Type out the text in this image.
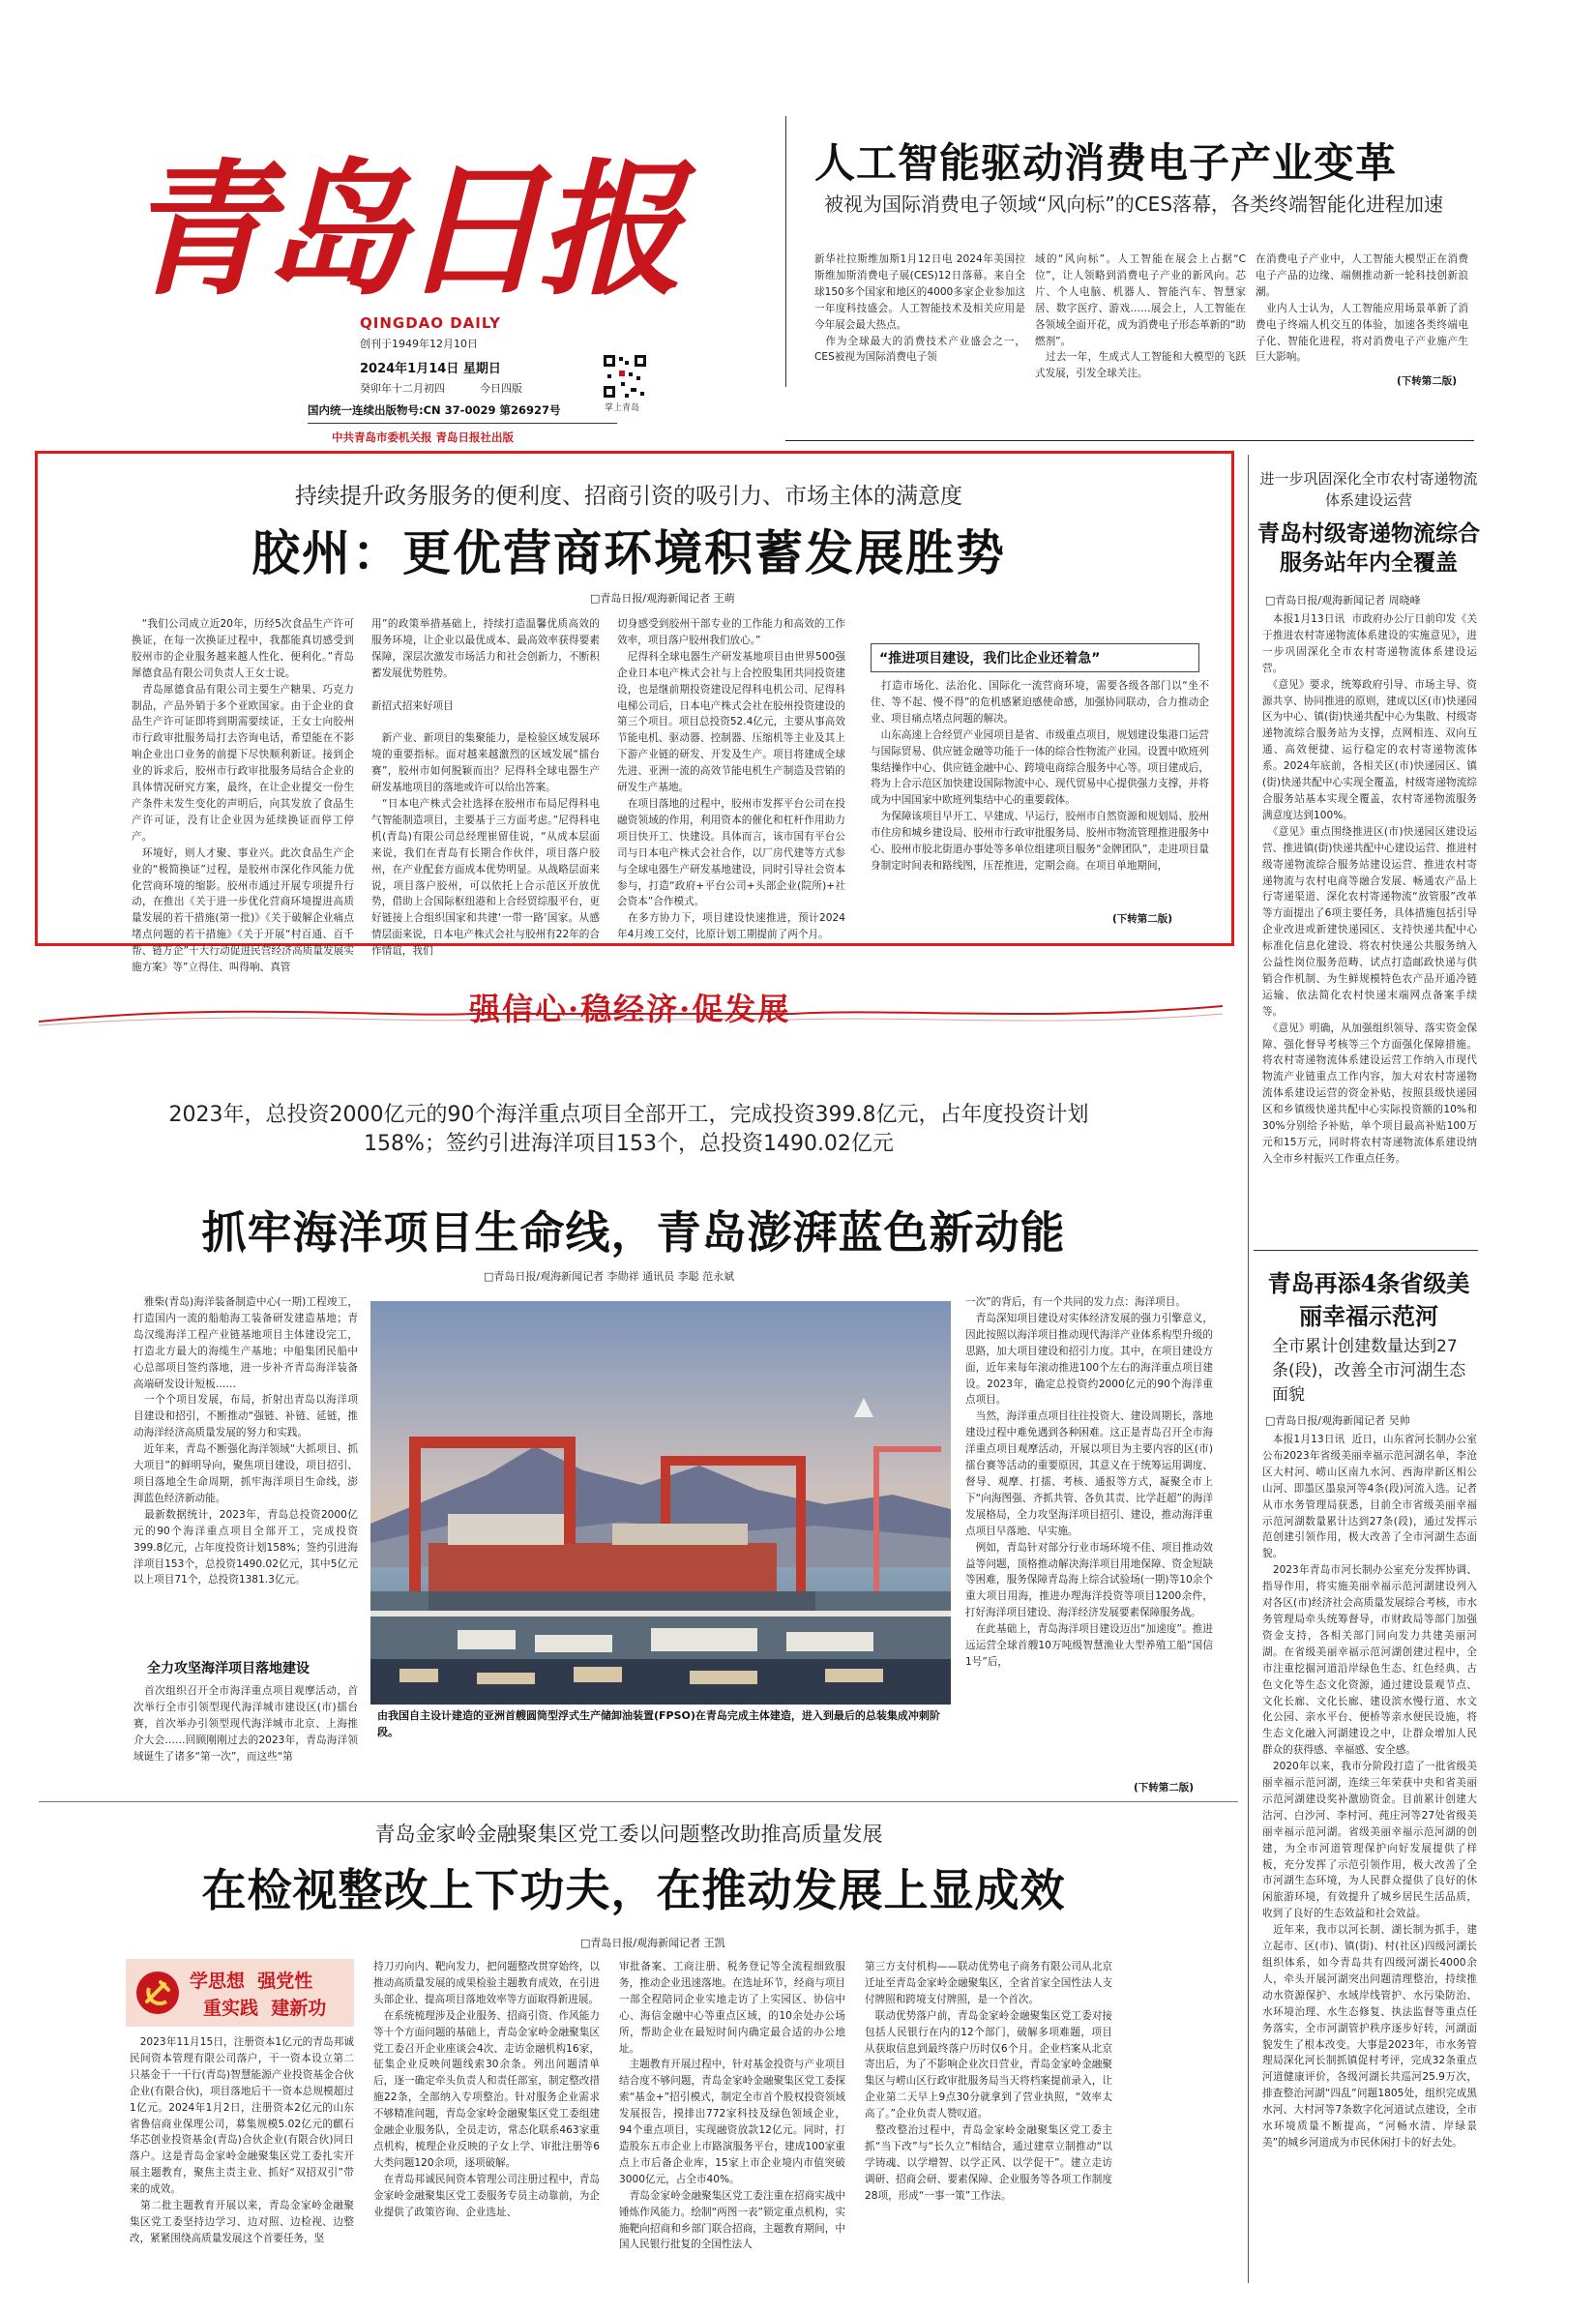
青岛日报
QINGDAO DAILY
创刊于1949年12月10日
2024年1月14日 星期日
癸卯年十二月初四	今日四版
国内统一连续出版物号:CN 37-0029 第26927号
中共青岛市委机关报 青岛日报社出版
掌上青岛
人工智能驱动消费电子产业变革
被视为国际消费电子领域“风向标”的CES落幕，各类终端智能化进程加速
新华社拉斯维加斯1月12日电 2024年美国拉斯维加斯消费电子展(CES)12日落幕。来自全球150多个国家和地区的4000多家企业参加这一年度科技盛会。人工智能技术及相关应用是今年展会最大热点。
　作为全球最大的消费技术产业盛会之一，CES被视为国际消费电子领
域的“风向标”。人工智能在展会上占据“C位”，让人领略到消费电子产业的新风向。芯片、个人电脑、机器人、智能汽车、智慧家居、数字医疗、游戏……展会上，人工智能在各领域全面开花，成为消费电子形态革新的“助燃剂”。
　过去一年，生成式人工智能和大模型的飞跃式发展，引发全球关注。
在消费电子产业中，人工智能大模型正在消费电子产品的边缘、端侧推动新一轮科技创新浪潮。
　业内人士认为，人工智能应用场景革新了消费电子终端人机交互的体验，加速各类终端电子化、智能化进程，将对消费电子产业施产生巨大影响。
(下转第二版)
持续提升政务服务的便利度、招商引资的吸引力、市场主体的满意度
胶州：更优营商环境积蓄发展胜势
□青岛日报/观海新闻记者 王萌
　“我们公司成立近20年，历经5次食品生产许可换证，在每一次换证过程中，我都能真切感受到胶州市的企业服务越来越人性化、便利化。”青岛犀德食品有限公司负责人王女士说。
　青岛犀德食品有限公司主要生产糖果、巧克力制品，产品外销于多个亚欧国家。由于企业的食品生产许可证即将到期需要续证，王女士向胶州市行政审批服务局打去咨询电话，希望能在不影响企业出口业务的前提下尽快顺利新证。接到企业的诉求后，胶州市行政审批服务局结合企业的具体情况研究方案，最终，在让企业提交一份生产条件未发生变化的声明后，向其发放了食品生产许可证，没有让企业因为延续换证而停工停产。
　环境好，则人才聚、事业兴。此次食品生产企业的“极简换证”过程，是胶州市深化作风能力优化营商环境的缩影。胶州市通过开展专项提升行动，在推出《关于进一步优化营商环境提进高质量发展的若干措施(第一批)》《关于破解企业痛点堵点问题的若干措施》《关于开展“村百通、百千帮、链万企”十大行动促进民营经济高质量发展实施方案》等”立得住、叫得响、真管
用”的政策举措基础上，持续打造温馨优质高效的服务环境，让企业以最优成本、最高效率获得要素保障，深层次激发市场活力和社会创新力，不断积蓄发展优势胜势。

新招式招来好项目

　新产业、新项目的集聚能力，是检验区域发展环境的重要指标。面对越来越激烈的区域发展“擂台赛”，胶州市如何脱颖而出？尼得科全球电器生产研发基地项目的落地或许可以给出答案。
　“日本电产株式会社选择在胶州市布局尼得科电气智能制造项目，主要基于三方面考虑。”尼得科电机(青岛)有限公司总经理崔留佳说，“从成本层面来说，我们在青岛有长期合作伙伴，项目落户胶州，在产业配套方面成本优势明显。从战略层面来说，项目落户胶州，可以依托上合示范区开放优势，借助上合国际枢纽港和上合经贸综服平台，更好链接上合组织国家和共建‘一带一路’国家。从感情层面来说，日本电产株式会社与胶州有22年的合作情谊，我们
切身感受到胶州干部专业的工作能力和高效的工作效率，项目落户胶州我们放心。”
　尼得科全球电器生产研发基地项目由世界500强企业日本电产株式会社与上合控股集团共同投资建设，也是继前期投资建设尼得科电机公司、尼得科电梯公司后，日本电产株式会社在胶州投资建设的第三个项目。项目总投资52.4亿元，主要从事高效节能电机、驱动器、控制器、压缩机等主业及其上下游产业链的研发、开发及生产。项目将建成全球先进、亚洲一流的高效节能电机生产制造及营销的研发生产基地。
　在项目落地的过程中，胶州市发挥平台公司在投融资领域的作用，利用资本的催化和杠杆作用助力项目快开工、快建设。具体而言，该市国有平台公司与日本电产株式会社合作，以厂房代建等方式参与全球电器生产研发基地建设，同时引导社会资本参与，打造“政府+平台公司+头部企业(院所)+社会资本”合作模式。
　在多方协力下，项目建设快速推进，预计2024年4月竣工交付，比原计划工期提前了两个月。
“推进项目建设，我们比企业还着急”
　打造市场化、法治化、国际化一流营商环境，需要各级各部门以“坐不住、等不起、慢不得”的危机感紧迫感使命感，加强协同联动，合力推动企业、项目痛点堵点问题的解决。
　山东高速上合经贸产业园项目是省、市级重点项目，规划建设集港口运营与国际贸易、供应链金融等功能于一体的综合性物流产业园。设置中欧班列集结操作中心、供应链金融中心、跨境电商综合服务中心等。项目建成后，将为上合示范区加快建设国际物流中心、现代贸易中心提供强力支撑，并将成为中国国家中欧班列集结中心的重要载体。
　为保障该项目早开工、早建成、早运行，胶州市自然资源和规划局、胶州市住房和城乡建设局、胶州市行政审批服务局、胶州市物流管理推进服务中心、胶州市胶北街道办事处等多单位组建项目服务“金牌团队”，走进项目量身制定时间表和路线图，压茬推进，定期会商。在项目单地期间，
(下转第二版)
进一步巩固深化全市农村寄递物流体系建设运营
青岛村级寄递物流综合服务站年内全覆盖
□青岛日报/观海新闻记者 周晓峰
　本报1月13日讯  市政府办公厅日前印发《关于推进农村寄递物流体系建设的实施意见》，进一步巩固深化全市农村寄递物流体系建设运营。
　《意见》要求，统筹政府引导、市场主导、资源共享、协同推进的原则，建成以区(市)快递园区为中心、镇(街)快递共配中心为集散、村级寄递物流综合服务站为支撑，点网相连、双向互通、高效便捷、运行稳定的农村寄递物流体系。2024年底前，各相关区(市)快递园区、镇(街)快递共配中心实现全覆盖，村级寄递物流综合服务站基本实现全覆盖，农村寄递物流服务满意度达到100%。
　《意见》重点围绕推进区(市)快递园区建设运营、推进镇(街)快递共配中心建设运营、推进村级寄递物流综合服务站建设运营、推进农村寄递物流与农村电商等融合发展、畅通农产品上行寄递渠道、深化农村寄递物流“放管服”改革等方面提出了6项主要任务，具体措施包括引导企业改进或新建快递园区、支持快递共配中心标准化信息化建设、将农村快递公共服务纳入公益性岗位服务范畴、试点打造邮政快递与供销合作机制、为生鲜规模特色农产品开通冷链运输、依法简化农村快递末端网点备案手续等。
　《意见》明确，从加强组织领导、落实资金保障、强化督导考核等三个方面强化保障措施。将农村寄递物流体系建设运营工作纳入市现代物流产业链重点工作内容，加大对农村寄递物流体系建设运营的资金补贴，按照县级快递园区和乡镇级快递共配中心实际投资额的10%和30%分别给予补贴，单个项目最高补贴100万元和15万元，同时将农村寄递物流体系建设纳入全市乡村振兴工作重点任务。
强信心·稳经济·促发展
2023年，总投资2000亿元的90个海洋重点项目全部开工，完成投资399.8亿元，占年度投资计划158%；签约引进海洋项目153个，总投资1490.02亿元
抓牢海洋项目生命线，青岛澎湃蓝色新动能
□青岛日报/观海新闻记者 李勋祥 通讯员 李聪 范永斌
　雅柴(青岛)海洋装备制造中心(一期)工程竣工，打造国内一流的船舶海工装备研发建造基地；青岛汉缆海洋工程产业链基地项目主体建设完工，打造北方最大的海缆生产基地；中船集团民船中心总部项目签约落地，进一步补齐青岛海洋装备高端研发设计短板……
　一个个项目发展，布局，折射出青岛以海洋项目建设和招引，不断推动“强链、补链、延链，推动海洋经济高质量发展的努力和实践。
　近年来，青岛不断强化海洋领域“大抓项目、抓大项目”的鲜明导向，聚焦项目建设，项目招引、项目落地全生命周期，抓牢海洋项目生命线，澎湃蓝色经济新动能。
　最新数据统计，2023年，青岛总投资2000亿元的90个海洋重点项目全部开工，完成投资399.8亿元，占年度投资计划158%；签约引进海洋项目153个，总投资1490.02亿元，其中5亿元以上项目71个，总投资1381.3亿元。
全力攻坚海洋项目落地建设
　首次组织召开全市海洋重点项目观摩活动，首次举行全市引领型现代海洋城市建设区(市)擂台赛，首次举办引领型现代海洋城市北京、上海推介大会……回顾刚刚过去的2023年，青岛海洋领域诞生了诸多“第一次”，而这些“第
由我国自主设计建造的亚洲首艘圆筒型浮式生产储卸油装置(FPSO)在青岛完成主体建造，进入到最后的总装集成冲刺阶段。
一次”的背后，有一个共同的发力点：海洋项目。
　青岛深知项目建设对实体经济发展的强力引擎意义，因此按照以海洋项目推动现代海洋产业体系构型升级的思路，加大项目建设和招引力度。其中，在项目建设方面，近年来每年滚动推进100个左右的海洋重点项目建设。2023年，确定总投资约2000亿元的90个海洋重点项目。
　当然，海洋重点项目往往投资大、建设周期长，落地建设过程中难免遇到各种困难。这正是青岛召开全市海洋重点项目观摩活动，开展以项目为主要内容的区(市)擂台赛等活动的重要原因，其意义在于统筹运用调度、督导、观摩、打擂、考核、通报等方式，凝聚全市上下“向海图强、齐抓共管、各负其责、比学赶超”的海洋发展格局，全力攻坚海洋项目招引、建设，推动海洋重点项目早落地、早实施。
　例如，青岛针对部分行业市场环境不佳、项目推动效益等问题，顶格推动解决海洋项目用地保障、资金短缺等困难，服务保障青岛海上综合试验场(一期)等10余个重大项目用海，推进办理海洋投资等项目1200余件，打好海洋项目建设、海洋经济发展要素保障服务战。
　在此基础上，青岛海洋项目建设迈出“加速度”。推进远运营全球首艘10万吨级智慧渔业大型养殖工船“国信1号”后，
(下转第二版)
青岛再添4条省级美丽幸福示范河
全市累计创建数量达到27条(段)，改善全市河湖生态面貌
□青岛日报/观海新闻记者 吴帅
　本报1月13日讯  近日，山东省河长制办公室公布2023年省级美丽幸福示范河湖名单，李沧区大村河、崂山区南九水河、西海岸新区相公山河、即墨区墨泉河等4条(段)河流入选。记者从市水务管理局获悉，目前全市省级美丽幸福示范河湖数量累计达到27条(段)，通过发挥示范创建引领作用，极大改善了全市河湖生态面貌。
　2023年青岛市河长制办公室充分发挥协调、指导作用，将实施美丽幸福示范河湖建设列入对各区(市)经济社会高质量发展综合考核，市水务管理局牵头统筹督导，市财政局等部门加强资金支持，各相关部门同向发力共建美丽河湖。在省级美丽幸福示范河湖创建过程中，全市注重挖掘河道沿岸绿色生态、红色经典、古色文化等生态文化资源，通过建设景观节点、文化长廊、文化长廊、建设滨水慢行道、水文化公园、亲水平台、便桥等亲水便民设施，将生态文化融入河湖建设之中，让群众增加人民群众的获得感、幸福感、安全感。
　2020年以来，我市分阶段打造了一批省级美丽幸福示范河湖，连续三年荣获中央和省美丽示范河湖建设奖补激励资金。目前累计创建大沽河、白沙河、李村河、莼庄河等27处省级美丽幸福示范河湖。省级美丽幸福示范河湖的创建，为全市河道管理保护向好发展提供了样板，充分发挥了示范引领作用，极大改善了全市河湖生态环境，为人民群众提供了良好的休闲旅游环境，有效提升了城乡居民生活品质，收到了良好的生态效益和社会效益。
　近年来，我市以河长制、湖长制为抓手，建立起市、区(市)、镇(街)、村(社区)四级河湖长组织体系，如今青岛共有四级河湖长4000余人，牵头开展河湖突出问题清理整治，持续推动水资源保护、水域岸线管护、水污染防治、水环境治理、水生态修复、执法监督等重点任务落实，全市河湖管护秩序逐步好转，河湖面貌发生了根本改变。大事是2023年，市水务管理局深化河长制抓镇促村考评，完成32条重点河道健康评价，各级河湖长共巡河25.9万次，排查整治河湖“四乱”问题1805处，组织完成黑水河、大村河等7条数字化河道试点建设，全市水环境质量不断提高，“河畅水清、岸绿景美”的城乡河道成为市民休闲打卡的好去处。
青岛金家岭金融聚集区党工委以问题整改助推高质量发展
在检视整改上下功夫，在推动发展上显成效
□青岛日报/观海新闻记者 王凯
学思想  强党性
重实践  建新功
　2023年11月15日，注册资本1亿元的青岛邦诚民间资本管理有限公司落户，干一资本设立第二只基金干一干行(青岛)智慧能源产业投资基金合伙企业(有限合伙)，项目落地后干一资本总规模超过1亿元。2024年1月2日，注册资本2亿元的山东省鲁信商业保理公司，募集规模5.02亿元的麒石华芯创业投资基金(青岛)合伙企业(有限合伙)同日落户。这是青岛金家岭金融聚集区党工委扎实开展主题教育，聚焦主责主业、抓好“双招双引”带来的成效。
　第二批主题教育开展以来，青岛金家岭金融聚集区党工委坚持边学习、边对照、边检视、边整改，紧紧围绕高质量发展这个首要任务，坚
持刀刃向内、靶向发力，把问题整改贯穿始终，以推动高质量发展的成果检验主题教育成效，在引进头部企业、提高项目落地效率等方面取得新进展。
　在系统梳理涉及企业服务、招商引资、作风能力等十个方面问题的基础上，青岛金家岭金融聚集区党工委召开企业座谈会4次、走访金融机构16家，征集企业反映问题线索30余条。列出问题清单后，逐一确定牵头负责人和责任部室，制定整改措施22条，全部纳入专项整治。针对服务企业需求不够精准问题，青岛金家岭金融聚集区党工委组建金融企业服务队，全员走访，常态化联系463家重点机构，梳理企业反映的子女上学、审批注册等6大类问题120余项，逐项破解。
　在青岛邦诚民间资本管理公司注册过程中，青岛金家岭金融聚集区党工委服务专员主动靠前，为企业提供了政策咨询、企业选址、
审批备案、工商注册、税务登记等全流程细致服务，推动企业迅速落地。在选址环节，经商与项目一部全程陪同企业实地走访了上实园区、协信中心、海信金融中心等重点区域，的10余处办公场所，帮助企业在最短时间内确定最合适的办公地址。
　主题教育开展过程中，针对基金投资与产业项目结合度不够问题，青岛金家岭金融聚集区党工委探索“基金+”招引模式，制定全市首个股权投资领域发展报告，摸排出772家科技及绿色领域企业，94个重点项目，实现融资放款12亿元。同时，打造股东五市企业上市路演服务平台，建成100家重点上市后备企业库，15家上市企业境内市值突破3000亿元，占全市40%。
　青岛金家岭金融聚集区党工委注重在招商实战中锤炼作风能力。绘制“两图一表”锁定重点机构，实施靶向招商和乡部门联合招商，主题教育期间，中国人民银行批复的全国性法人
第三方支付机构——联动优势电子商务有限公司从北京迁址至青岛金家岭金融聚集区，全省首家全国性法人支付牌照和跨境支付牌照，是一个首次。
　联动优势落户前，青岛金家岭金融聚集区党工委对接包括人民银行在内的12个部门，破解多项难题，项目从获取信息到最终落户历时仅6个月。企业档案从北京寄出后，为了不影响企业次日营业，青岛金家岭金融聚集区与崂山区行政审批服务局当天将档案提前录入，让企业第二天早上9点30分就拿到了营业执照，“效率太高了。”企业负责人赞叹道。
　整改整治过程中，青岛金家岭金融聚集区党工委主抓“当下改”与“长久立”相结合，通过建章立制推动“以学铸魂、以学增智、以学正风、以学促干”。建立走访调研、招商会研、要素保障、企业服务等各项工作制度28项，形成“一事一策”工作法。
